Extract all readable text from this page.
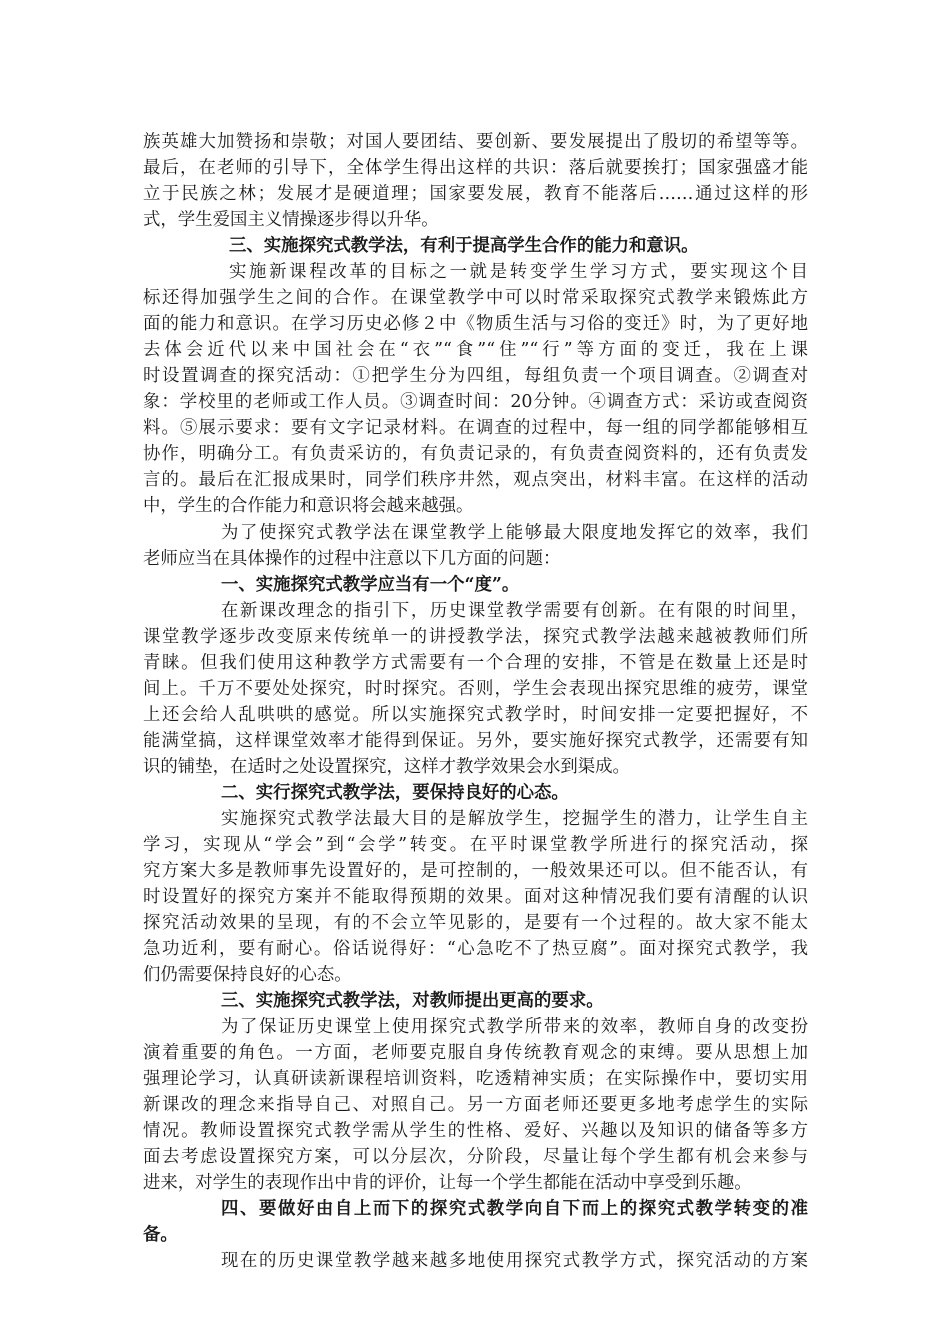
族英雄大加赞扬和崇敬；对国人要团结、要创新、要发展提出了殷切的希望等等。
最后，在老师的引导下，全体学生得出这样的共识：落后就要挨打；国家强盛才能
立于民族之林；发展才是硬道理；国家要发展，教育不能落后……通过这样的形
式，学生爱国主义情操逐步得以升华。
三、实施探究式教学法，有利于提高学生合作的能力和意识。
实施新课程改革的目标之一就是转变学生学习方式，要实现这个目
标还得加强学生之间的合作。在课堂教学中可以时常采取探究式教学来锻炼此方
面的能力和意识。在学习历史必修２中《物质生活与习俗的变迁》时，为了更好地
去体会近代以来中国社会在“衣”“食”“住”“行”等方面的变迁，我在上课
时设置调查的探究活动：①把学生分为四组，每组负责一个项目调查。②调查对
象：学校里的老师或工作人员。③调查时间：20分钟。④调查方式：采访或查阅资
料。⑤展示要求：要有文字记录材料。在调查的过程中，每一组的同学都能够相互
协作，明确分工。有负责采访的，有负责记录的，有负责查阅资料的，还有负责发
言的。最后在汇报成果时，同学们秩序井然，观点突出，材料丰富。在这样的活动
中，学生的合作能力和意识将会越来越强。
为了使探究式教学法在课堂教学上能够最大限度地发挥它的效率，我们
老师应当在具体操作的过程中注意以下几方面的问题：
一、实施探究式教学应当有一个“度”。
在新课改理念的指引下，历史课堂教学需要有创新。在有限的时间里，
课堂教学逐步改变原来传统单一的讲授教学法，探究式教学法越来越被教师们所
青睐。但我们使用这种教学方式需要有一个合理的安排，不管是在数量上还是时
间上。千万不要处处探究，时时探究。否则，学生会表现出探究思维的疲劳，课堂
上还会给人乱哄哄的感觉。所以实施探究式教学时，时间安排一定要把握好，不
能满堂搞，这样课堂效率才能得到保证。另外，要实施好探究式教学，还需要有知
识的铺垫，在适时之处设置探究，这样才教学效果会水到渠成。
二、实行探究式教学法，要保持良好的心态。
实施探究式教学法最大目的是解放学生，挖掘学生的潜力，让学生自主
学习，实现从“学会”到“会学”转变。在平时课堂教学所进行的探究活动，探
究方案大多是教师事先设置好的，是可控制的，一般效果还可以。但不能否认，有
时设置好的探究方案并不能取得预期的效果。面对这种情况我们要有清醒的认识
探究活动效果的呈现，有的不会立竿见影的，是要有一个过程的。故大家不能太
急功近利，要有耐心。俗话说得好：“心急吃不了热豆腐”。面对探究式教学，我
们仍需要保持良好的心态。
三、实施探究式教学法，对教师提出更高的要求。
为了保证历史课堂上使用探究式教学所带来的效率，教师自身的改变扮
演着重要的角色。一方面，老师要克服自身传统教育观念的束缚。要从思想上加
强理论学习，认真研读新课程培训资料，吃透精神实质；在实际操作中，要切实用
新课改的理念来指导自己、对照自己。另一方面老师还要更多地考虑学生的实际
情况。教师设置探究式教学需从学生的性格、爱好、兴趣以及知识的储备等多方
面去考虑设置探究方案，可以分层次，分阶段，尽量让每个学生都有机会来参与
进来，对学生的表现作出中肯的评价，让每一个学生都能在活动中享受到乐趣。
四、要做好由自上而下的探究式教学向自下而上的探究式教学转变的准
备。
现在的历史课堂教学越来越多地使用探究式教学方式，探究活动的方案
